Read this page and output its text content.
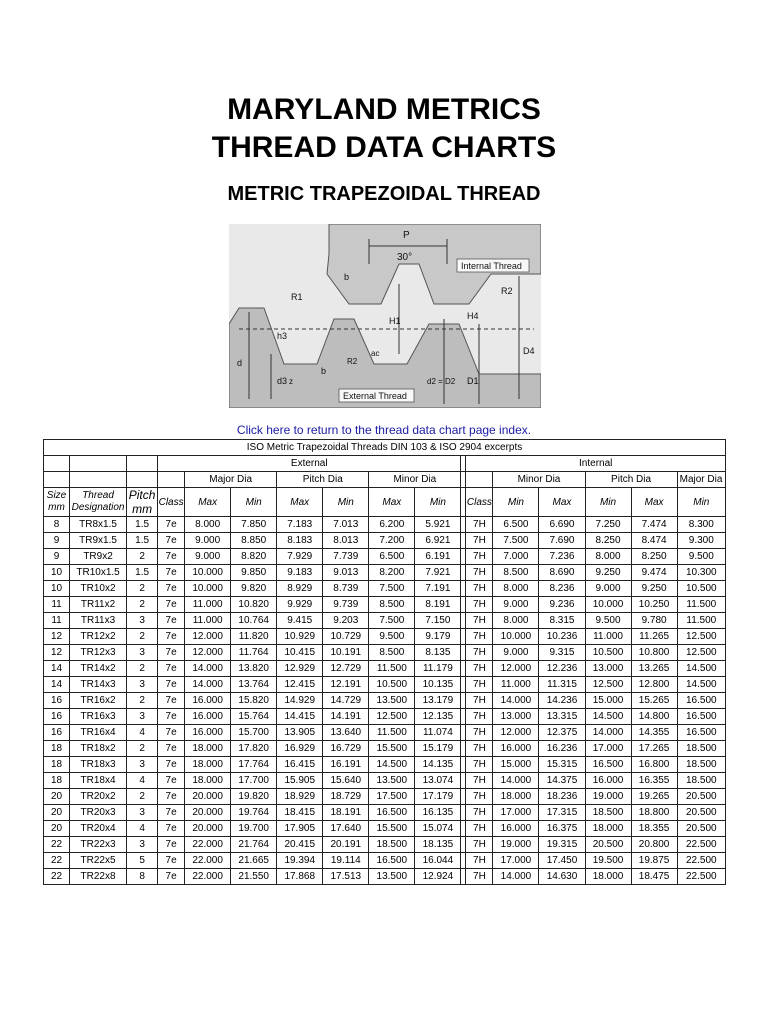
MARYLAND METRICS
THREAD DATA CHARTS
METRIC TRAPEZOIDAL THREAD
P
30°
Internal Thread
External Thread
R1
R2
b
b
h3
H1	H4
d
d3	d2 = D2 D1
D4
ac
R2
z
Click here to return to the thread data chart page index.
ISO Metric Trapezoidal Threads DIN 103 & ISO 2904 excerpts																
			External								Internal					
				Major Dia		Pitch Dia		Minor Dia				Minor Dia		Pitch Dia		Major Dia
Size mm	Thread Designation	Pitch mm	Class	Max	Min	Max	Min	Max	Min		Class	Min	Max	Min	Max	Min
8	TR8x1.5	1.5	7e	8.000	7.850	7.183	7.013	6.200	5.921		7H	6.500	6.690	7.250	7.474	8.300
9	TR9x1.5	1.5	7e	9.000	8.850	8.183	8.013	7.200	6.921		7H	7.500	7.690	8.250	8.474	9.300
9	TR9x2	2	7e	9.000	8.820	7.929	7.739	6.500	6.191		7H	7.000	7.236	8.000	8.250	9.500
10	TR10x1.5	1.5	7e	10.000	9.850	9.183	9.013	8.200	7.921		7H	8.500	8.690	9.250	9.474	10.300
10	TR10x2	2	7e	10.000	9.820	8.929	8.739	7.500	7.191		7H	8.000	8.236	9.000	9.250	10.500
11	TR11x2	2	7e	11.000	10.820	9.929	9.739	8.500	8.191		7H	9.000	9.236	10.000	10.250	11.500
11	TR11x3	3	7e	11.000	10.764	9.415	9.203	7.500	7.150		7H	8.000	8.315	9.500	9.780	11.500
12	TR12x2	2	7e	12.000	11.820	10.929	10.729	9.500	9.179		7H	10.000	10.236	11.000	11.265	12.500
12	TR12x3	3	7e	12.000	11.764	10.415	10.191	8.500	8.135		7H	9.000	9.315	10.500	10.800	12.500
14	TR14x2	2	7e	14.000	13.820	12.929	12.729	11.500	11.179		7H	12.000	12.236	13.000	13.265	14.500
14	TR14x3	3	7e	14.000	13.764	12.415	12.191	10.500	10.135		7H	11.000	11.315	12.500	12.800	14.500
16	TR16x2	2	7e	16.000	15.820	14.929	14.729	13.500	13.179		7H	14.000	14.236	15.000	15.265	16.500
16	TR16x3	3	7e	16.000	15.764	14.415	14.191	12.500	12.135		7H	13.000	13.315	14.500	14.800	16.500
16	TR16x4	4	7e	16.000	15.700	13.905	13.640	11.500	11.074		7H	12.000	12.375	14.000	14.355	16.500
18	TR18x2	2	7e	18.000	17.820	16.929	16.729	15.500	15.179		7H	16.000	16.236	17.000	17.265	18.500
18	TR18x3	3	7e	18.000	17.764	16.415	16.191	14.500	14.135		7H	15.000	15.315	16.500	16.800	18.500
18	TR18x4	4	7e	18.000	17.700	15.905	15.640	13.500	13.074		7H	14.000	14.375	16.000	16.355	18.500
20	TR20x2	2	7e	20.000	19.820	18.929	18.729	17.500	17.179		7H	18.000	18.236	19.000	19.265	20.500
20	TR20x3	3	7e	20.000	19.764	18.415	18.191	16.500	16.135		7H	17.000	17.315	18.500	18.800	20.500
20	TR20x4	4	7e	20.000	19.700	17.905	17.640	15.500	15.074		7H	16.000	16.375	18.000	18.355	20.500
22	TR22x3	3	7e	22.000	21.764	20.415	20.191	18.500	18.135		7H	19.000	19.315	20.500	20.800	22.500
22	TR22x5	5	7e	22.000	21.665	19.394	19.114	16.500	16.044		7H	17.000	17.450	19.500	19.875	22.500
22	TR22x8	8	7e	22.000	21.550	17.868	17.513	13.500	12.924		7H	14.000	14.630	18.000	18.475	22.500
